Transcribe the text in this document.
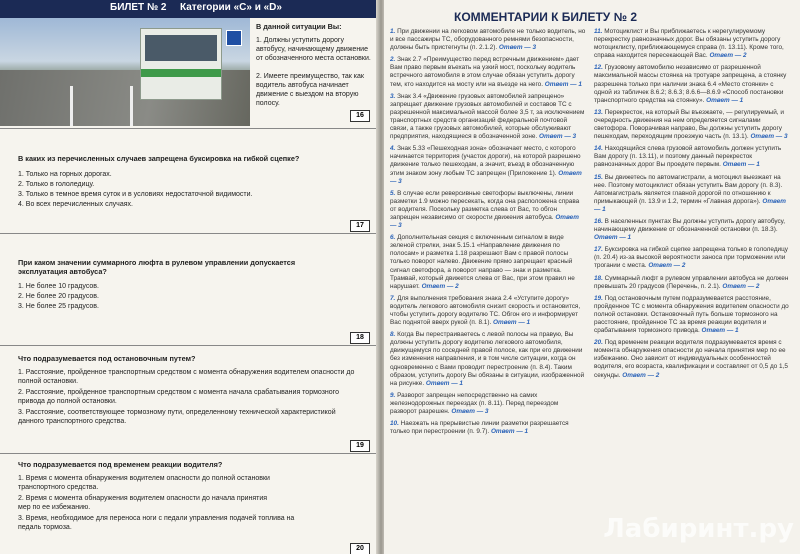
БИЛЕТ № 2 Категории «C» и «D»
В данной ситуации Вы:
1. Должны уступить дорогу автобусу, начинающему движение от обозначенного места остановки.
2. Имеете преимущество, так как водитель автобуса начинает движение с выездом на вторую полосу.
16
В каких из перечисленных случаев запрещена буксировка на гибкой сцепке?
1. Только на горных дорогах.
2. Только в гололедицу.
3. Только в темное время суток и в условиях недостаточной видимости.
4. Во всех перечисленных случаях.
17
При каком значении суммарного люфта в рулевом управлении допускается эксплуатация автобуса?
1. Не более 10 градусов.
2. Не более 20 градусов.
3. Не более 25 градусов.
18
Что подразумевается под остановочным путем?
1. Расстояние, пройденное транспортным средством с момента обнаружения водителем опасности до полной остановки.
2. Расстояние, пройденное транспортным средством с момента начала срабатывания тормозного привода до полной остановки.
3. Расстояние, соответствующее тормозному пути, определенному технической характеристикой данного транспортного средства.
19
Что подразумевается под временем реакции водителя?
1. Время с момента обнаружения водителем опасности до полной остановки транспортного средства.
2. Время с момента обнаружения водителем опасности до начала принятия мер по ее избежанию.
3. Время, необходимое для переноса ноги с педали управления подачей топлива на педаль тормоза.
20
КОММЕНТАРИИ К БИЛЕТУ № 2
1. При движении на легковом автомобиле не только водитель, но и все пассажиры ТС, оборудованного ремнями безопасности, должны быть пристегнуты (п. 2.1.2). Ответ — 3
2. Знак 2.7 «Преимущество перед встречным движением» дает Вам право первым въехать на узкий мост, поскольку водитель встречного автомобиля в этом случае обязан уступить дорогу тем, кто находится на мосту или на въезде на него. Ответ — 1
3. Знак 3.4 «Движение грузовых автомобилей запрещено» запрещает движение грузовых автомобилей и составов ТС с разрешенной максимальной массой более 3,5 т, за исключением транспортных средств организаций федеральной почтовой связи, а также грузовых автомобилей, которые обслуживают предприятия, находящиеся в обозначенной зоне. Ответ — 3
4. Знак 5.33 «Пешеходная зона» обозначает место, с которого начинается территория (участок дороги), на которой разрешено движение только пешеходам, а значит, въезд в обозначенную этим знаком зону любым ТС запрещен (Приложение 1). Ответ — 3
5. В случае если реверсивные светофоры выключены, линии разметки 1.9 можно пересекать, когда она расположена справа от водителя. Поскольку разметка слева от Вас, то обгон запрещен независимо от скорости движения автобуса. Ответ — 3
6. Дополнительная секция с включенным сигналом в виде зеленой стрелки, знак 5.15.1 «Направление движения по полосам» и разметка 1.18 разрешают Вам с правой полосы только поворот налево. Движение прямо запрещает красный сигнал светофора, а поворот направо — знак и разметка. Трамвай, который движется слева от Вас, при этом правил не нарушает. Ответ — 2
7. Для выполнения требования знака 2.4 «Уступите дорогу» водитель легкового автомобиля снизит скорость и остановится, чтобы уступить дорогу водителю ТС. Обгон его и информирует Вас поднятой вверх рукой (п. 8.1). Ответ — 1
8. Когда Вы перестраиваетесь с левой полосы на правую, Вы должны уступить дорогу водителю легкового автомобиля, движущемуся по соседней правой полосе, как при его движении без изменения направления, и в том числе ситуации, когда он одновременно с Вами проводит перестроение (п. 8.4). Таким образом, уступить дорогу Вы обязаны в ситуации, изображенной на рисунке. Ответ — 1
9. Разворот запрещен непосредственно на самих железнодорожных переездах (п. 8.11). Перед переездом разворот разрешен. Ответ — 3
10. Наезжать на прерывистые линии разметки разрешается только при перестроении (п. 9.7). Ответ — 1
11. Мотоциклист и Вы приближаетесь к нерегулируемому перекрестку равнозначных дорог. Вы обязаны уступить дорогу мотоциклисту, приближающемуся справа (п. 13.11). Кроме того, справа находится пересекающей Вас. Ответ — 2
12. Грузовому автомобилю независимо от разрешенной максимальной массы стоянка на тротуаре запрещена, а стоянку разрешена только при наличии знака 6.4 «Место стоянки» с одной из табличек 8.6.2; 8.6.3; 8.6.6—8.6.9 «Способ постановки транспортного средства на стоянку». Ответ — 1
13. Перекресток, на который Вы въезжаете, — регулируемый, и очередность движения на нем определяется сигналами светофора. Поворачивая направо, Вы должны уступить дорогу пешеходам, переходящим проезжую часть (п. 13.1). Ответ — 3
14. Находящийся слева грузовой автомобиль должен уступить Вам дорогу (п. 13.11), и поэтому данный перекресток равнозначных дорог Вы проедете первым. Ответ — 1
15. Вы движетесь по автомагистрали, а мотоцикл выезжает на нее. Поэтому мотоциклист обязан уступить Вам дорогу (п. 8.3). Автомагистраль является главной дорогой по отношению к примыкающей (п. 13.9 и 1.2, термин «Главная дорога»). Ответ — 1
16. В населенных пунктах Вы должны уступить дорогу автобусу, начинающему движение от обозначенной остановки (п. 18.3). Ответ — 1
17. Буксировка на гибкой сцепке запрещена только в гололедицу (п. 20.4) из-за высокой вероятности заноса при торможении или трогании с места. Ответ — 2
18. Суммарный люфт в рулевом управлении автобуса не должен превышать 20 градусов (Перечень, п. 2.1). Ответ — 2
19. Под остановочным путем подразумевается расстояние, пройденное ТС с момента обнаружения водителем опасности до полной остановки. Остановочный путь больше тормозного на расстояние, пройденное ТС за время реакции водителя и срабатывания тормозного привода. Ответ — 1
20. Под временем реакции водителя подразумевается время с момента обнаружения опасности до начала принятия мер по ее избежанию. Оно зависит от индивидуальных особенностей водителя, его возраста, квалификации и составляет от 0,5 до 1,5 секунды. Ответ — 2
Лабиринт.ру
